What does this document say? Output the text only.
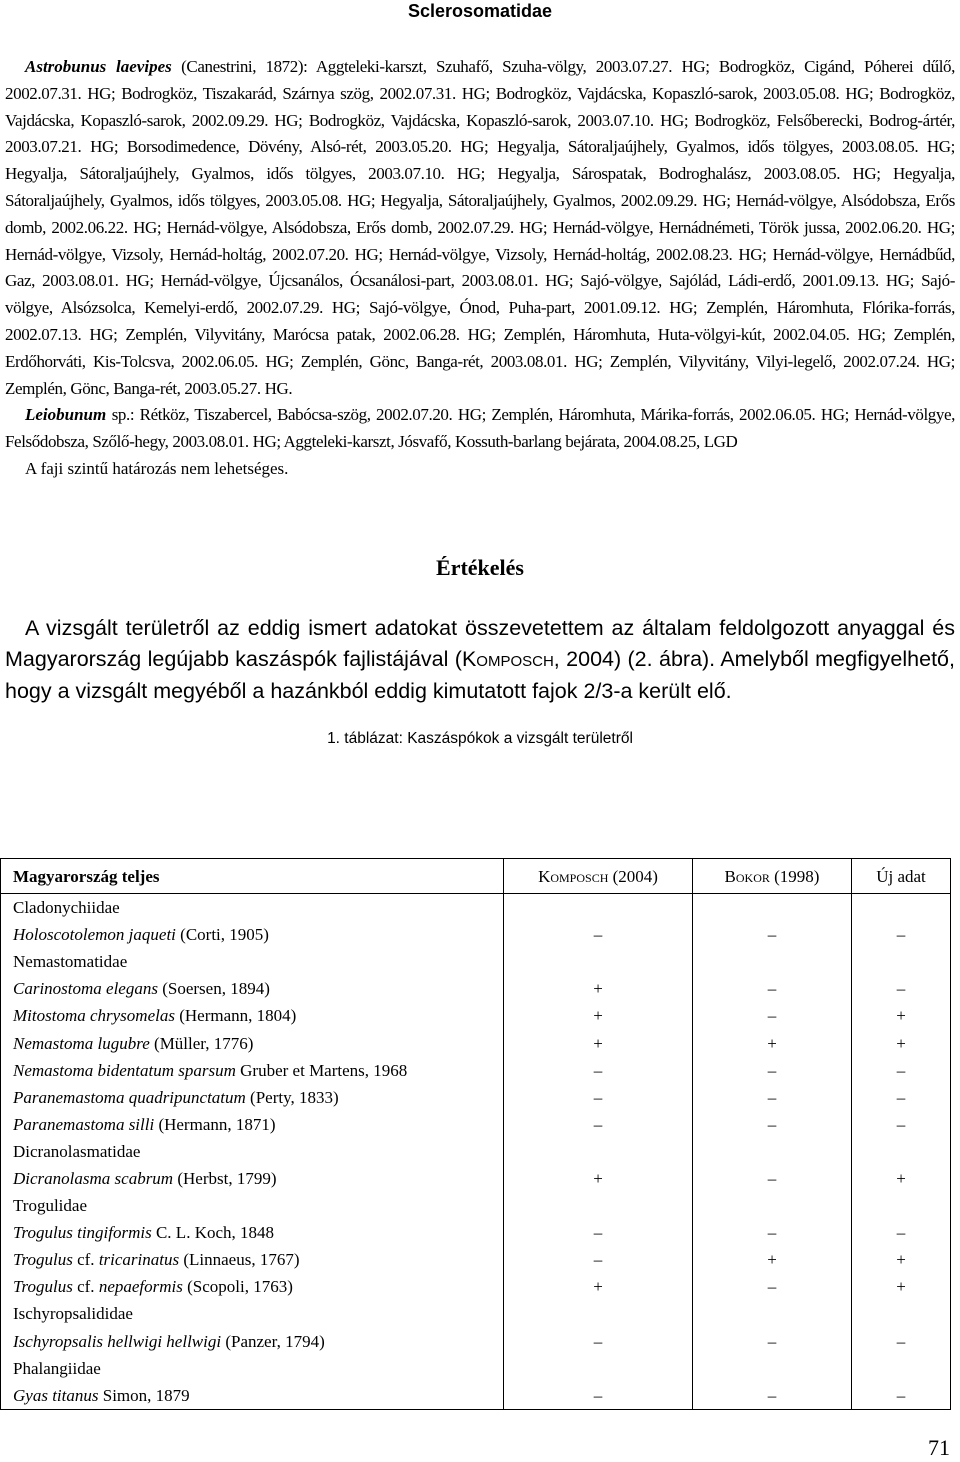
Sclerosomatidae

Astrobunus laevipes (Canestrini, 1872): Aggteleki-karszt, Szuhafő, Szuha-völgy, 2003.07.27. HG; Bodrogköz, Cigánd, Póherei dűlő, 2002.07.31. HG; Bodrogköz, Tiszakarád, Szárnya szög, 2002.07.31. HG; Bodrogköz, Vajdácska, Kopaszló-sarok, 2003.05.08. HG; Bodrogköz, Vajdácska, Kopaszló-sarok, 2002.09.29. HG; Bodrogköz, Vajdácska, Kopaszló-sarok, 2003.07.10. HG; Bodrogköz, Felsőberecki, Bodrog-ártér, 2003.07.21. HG; Borsodimedence, Dövény, Alsó-rét, 2003.05.20. HG; Hegyalja, Sátoraljaújhely, Gyalmos, idős tölgyes, 2003.08.05. HG; Hegyalja, Sátoraljaújhely, Gyalmos, idős tölgyes, 2003.07.10. HG; Hegyalja, Sárospatak, Bodroghalász, 2003.08.05. HG; Hegyalja, Sátoraljaújhely, Gyalmos, idős tölgyes, 2003.05.08. HG; Hegyalja, Sátoraljaújhely, Gyalmos, 2002.09.29. HG; Hernád-völgye, Alsódobsza, Erős domb, 2002.06.22. HG; Hernád-völgye, Alsódobsza, Erős domb, 2002.07.29. HG; Hernád-völgye, Hernádnémeti, Török jussa, 2002.06.20. HG; Hernád-völgye, Vizsoly, Hernád-holtág, 2002.07.20. HG; Hernád-völgye, Vizsoly, Hernád-holtág, 2002.08.23. HG; Hernád-völgye, Hernádbűd, Gaz, 2003.08.01. HG; Hernád-völgye, Újcsanálos, Ócsanálosi-part, 2003.08.01. HG; Sajó-völgye, Sajólád, Ládi-erdő, 2001.09.13. HG; Sajó-völgye, Alsózsolca, Kemelyi-erdő, 2002.07.29. HG; Sajó-völgye, Ónod, Puha-part, 2001.09.12. HG; Zemplén, Háromhuta, Flórika-forrás, 2002.07.13. HG; Zemplén, Vilyvitány, Marócsa patak, 2002.06.28. HG; Zemplén, Háromhuta, Huta-völgyi-kút, 2002.04.05. HG; Zemplén, Erdőhorváti, Kis-Tolcsva, 2002.06.05. HG; Zemplén, Gönc, Banga-rét, 2003.08.01. HG; Zemplén, Vilyvitány, Vilyi-legelő, 2002.07.24. HG; Zemplén, Gönc, Banga-rét, 2003.05.27. HG.

Leiobunum sp.: Rétköz, Tiszabercel, Babócsa-szög, 2002.07.20. HG; Zemplén, Háromhuta, Márika-forrás, 2002.06.05. HG; Hernád-völgye, Felsődobsza, Szőlő-hegy, 2003.08.01. HG; Aggteleki-karszt, Jósvafő, Kossuth-barlang bejárata, 2004.08.25, LGD

A faji szintű határozás nem lehetséges.

Értékelés

A vizsgált területről az eddig ismert adatokat összevetettem az általam feldolgozott anyaggal és Magyarország legújabb kaszáspók fajlistájával (Komposch, 2004) (2. ábra). Amelyből megfigyelhető, hogy a vizsgált megyéből a hazánkból eddig kimutatott fajok 2/3-a került elő.

1. táblázat: Kaszáspókok a vizsgált területről
Magyarország teljes	Komposch (2004)	Bokor (1998)	Új adat
Cladonychiidae			
Holoscotolemon jaqueti (Corti, 1905)	–	–	–
Nemastomatidae			
Carinostoma elegans (Soersen, 1894)	+	–	–
Mitostoma chrysomelas (Hermann, 1804)	+	–	+
Nemastoma lugubre (Müller, 1776)	+	+	+
Nemastoma bidentatum sparsum Gruber et Martens, 1968	–	–	–
Paranemastoma quadripunctatum (Perty, 1833)	–	–	–
Paranemastoma silli (Hermann, 1871)	–	–	–
Dicranolasmatidae			
Dicranolasma scabrum (Herbst, 1799)	+	–	+
Trogulidae			
Trogulus tingiformis C. L. Koch, 1848	–	–	–
Trogulus cf. tricarinatus (Linnaeus, 1767)	–	+	+
Trogulus cf. nepaeformis (Scopoli, 1763)	+	–	+
Ischyropsalididae			
Ischyropsalis hellwigi hellwigi (Panzer, 1794)	–	–	–
Phalangiidae			
Gyas titanus Simon, 1879	–	–	–
71
